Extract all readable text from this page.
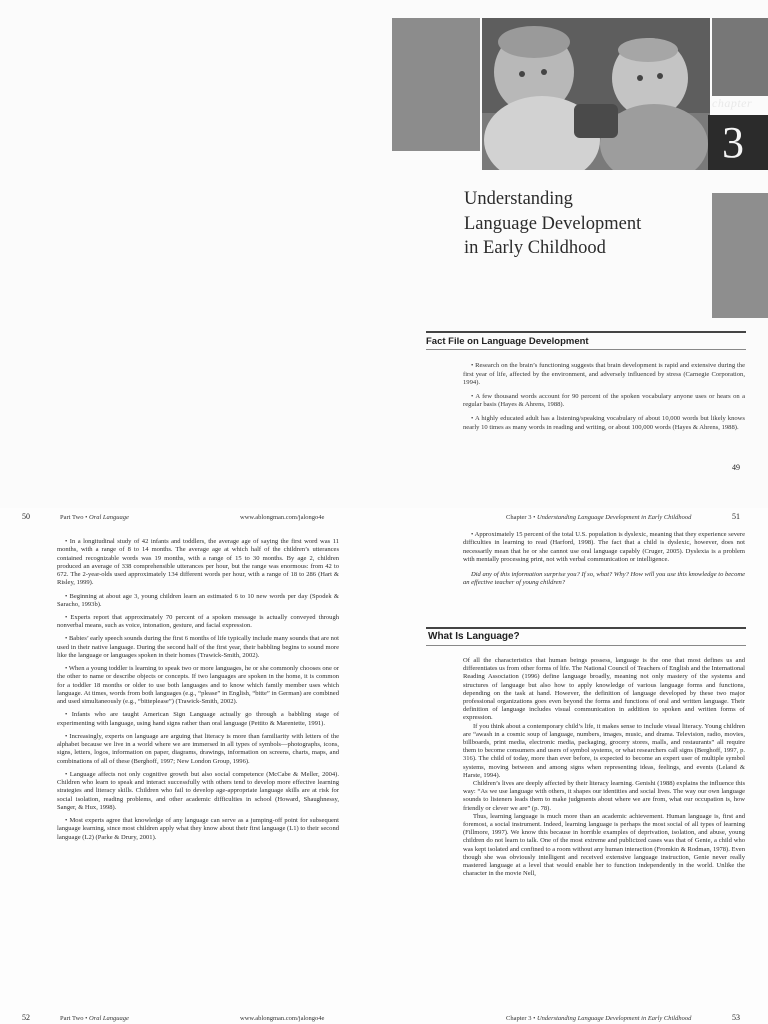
chapter
3
Understanding
Language Development
in Early Childhood
Fact File on Language Development

• Research on the brain’s functioning suggests that brain development is rapid and extensive during the first year of life, affected by the environment, and adversely influenced by stress (Carnegie Corporation, 1994).

• A few thousand words account for 90 percent of the spoken vocabulary anyone uses or hears on a regular basis (Hayes & Ahrens, 1988).

• A highly educated adult has a listening/speaking vocabulary of about 10,000 words but likely knows nearly 10 times as many words in reading and writing, or about 100,000 words (Hayes & Ahrens, 1988).

49
50	Part Two • Oral Language	www.ablongman.com/jalongo4e

• In a longitudinal study of 42 infants and toddlers, the average age of saying the first word was 11 months, with a range of 8 to 14 months. The average age at which half of the children’s utterances contained recognizable words was 19 months, with a range of 15 to 30 months. By age 2, children produced an average of 338 comprehensible utterances per hour, but the range was enormous: from 42 to 672. The 2-year-olds used approximately 134 different words per hour, with a range of 18 to 286 (Hart & Risley, 1999).

• Beginning at about age 3, young children learn an estimated 6 to 10 new words per day (Spodek & Saracho, 1993b).

• Experts report that approximately 70 percent of a spoken message is actually conveyed through nonverbal means, such as voice, intonation, gesture, and facial expression.

• Babies’ early speech sounds during the first 6 months of life typically include many sounds that are not used in their native language. During the second half of the first year, their babbling begins to sound more like the language or languages spoken in their homes (Trawick-Smith, 2002).

• When a young toddler is learning to speak two or more languages, he or she commonly chooses one or the other to name or describe objects or concepts. If two languages are spoken in the home, it is common for a toddler 18 months or older to use both languages and to know which family member uses which language. At times, words from both languages (e.g., “please” in English, “bitte” in German) are combined and used simultaneously (e.g., “bitteplease”) (Trawick-Smith, 2002).

• Infants who are taught American Sign Language actually go through a babbling stage of experimenting with language, using hand signs rather than oral language (Pettito & Marentette, 1991).

• Increasingly, experts on language are arguing that literacy is more than familiarity with letters of the alphabet because we live in a world where we are immersed in all types of symbols—photographs, icons, signs, letters, logos, information on paper, diagrams, drawings, information on screens, charts, maps, and combinations of all of these (Berghoff, 1997; New London Group, 1996).

• Language affects not only cognitive growth but also social competence (McCabe & Meller, 2004). Children who learn to speak and interact successfully with others tend to develop more effective learning strategies and literacy skills. Children who fail to develop age-appropriate language skills are at risk for social isolation, reading problems, and other academic difficulties in school (Howard, Shaughnessy, Sanger, & Hux, 1998).

• Most experts agree that knowledge of any language can serve as a jumping-off point for subsequent language learning, since most children apply what they know about their first language (L1) to their second language (L2) (Parke & Drury, 2001).

Chapter 3 • Understanding Language Development in Early Childhood	51

• Approximately 15 percent of the total U.S. population is dyslexic, meaning that they experience severe difficulties in learning to read (Harford, 1998). The fact that a child is dyslexic, however, does not necessarily mean that he or she cannot use oral language capably (Cruger, 2005). Dyslexia is a problem with mentally processing print, not with verbal communication or intelligence.

Did any of this information surprise you? If so, what? Why? How will you use this knowledge to become an effective teacher of young children?

What Is Language?

Of all the characteristics that human beings possess, language is the one that most defines us and differentiates us from other forms of life. The National Council of Teachers of English and the International Reading Association (1996) define language broadly, meaning not only mastery of the systems and structures of language but also how to apply knowledge of various language forms and functions, depending on the task at hand. However, the definition of language developed by these two major professional organizations goes even beyond the forms and functions of oral and written language. Their definition of language includes visual communication in addition to spoken and written forms of expression.

If you think about a contemporary child’s life, it makes sense to include visual literacy. Young children are “awash in a cosmic soup of language, numbers, images, music, and drama. Television, radio, movies, billboards, print media, electronic media, packaging, grocery stores, malls, and restaurants” all require them to become consumers and users of symbol systems, or what researchers call signs (Berghoff, 1997, p. 316). The child of today, more than ever before, is expected to become an expert user of multiple symbol systems, moving between and among signs when representing ideas, feelings, and events (Leland & Harste, 1994).

Children’s lives are deeply affected by their literacy learning. Genishi (1988) explains the influence this way: “As we use language with others, it shapes our identities and social lives. The way our own language sounds to listeners leads them to make judgments about where we are from, what our occupation is, how friendly or clever we are” (p. 78).

Thus, learning language is much more than an academic achievement. Human language is, first and foremost, a social instrument. Indeed, learning language is perhaps the most social of all types of learning (Fillmore, 1997). We know this because in horrible examples of deprivation, isolation, and abuse, young children do not learn to talk. One of the most extreme and publicized cases was that of Genie, a child who was kept isolated and confined to a room without any human interaction (Fromkin & Rodman, 1978). Even though she was obviously intelligent and received extensive language instruction, Genie never really mastered language at a level that would enable her to function independently in the world. Unlike the character in the movie Nell,

52	Part Two • Oral Language	www.ablongman.com/jalongo4e	Chapter 3 • Understanding Language Development in Early Childhood	53
